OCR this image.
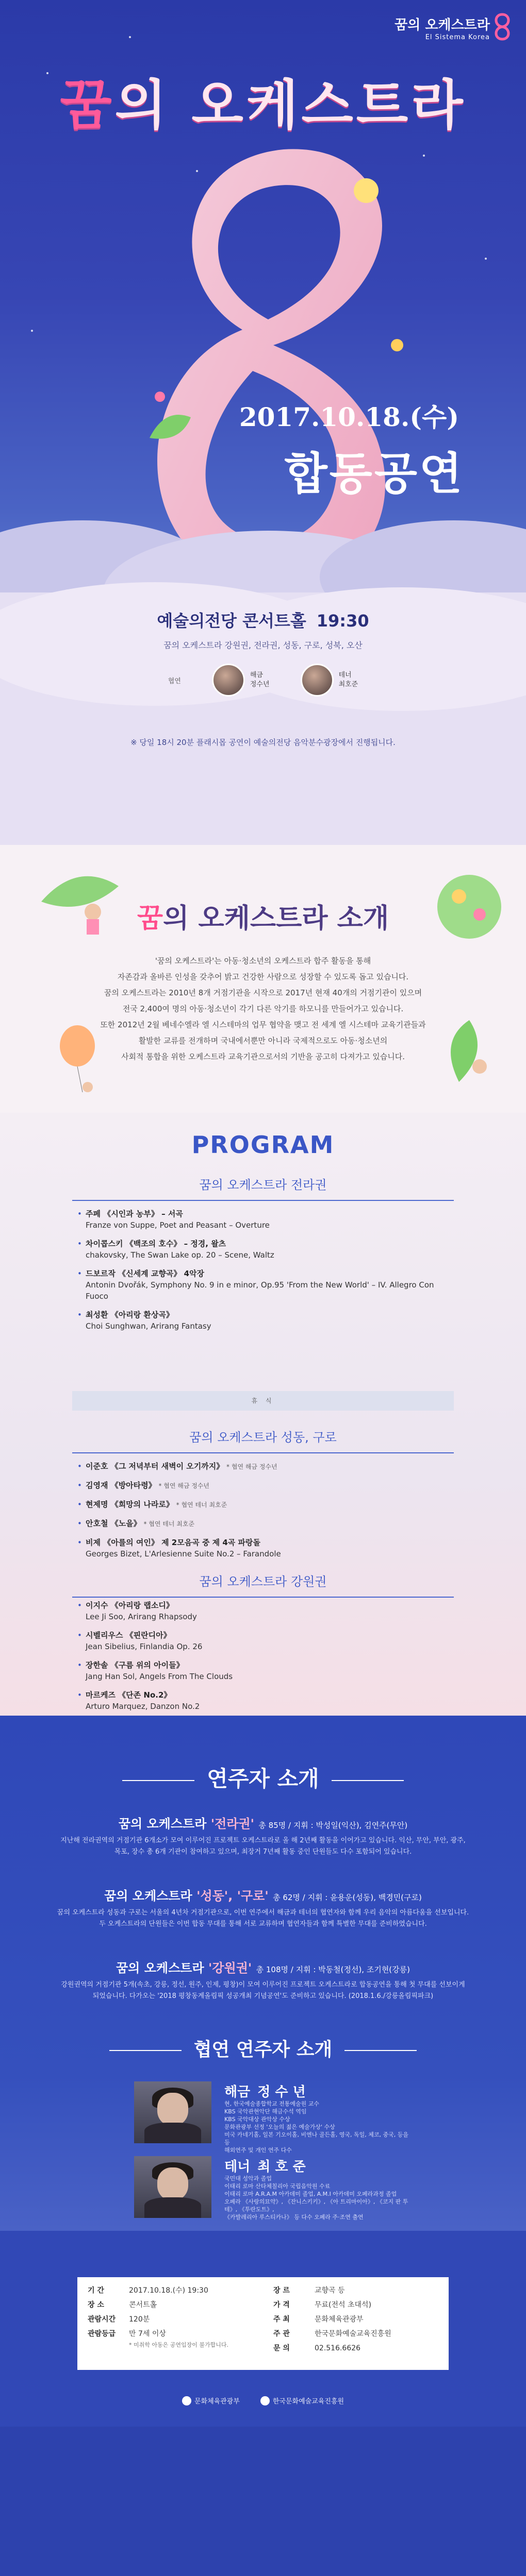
꿈의 오케스트라
El Sistema Korea
꿈의 오케스트라
2017.10.18.(수)
합동공연
예술의전당 콘서트홀 19:30
꿈의 오케스트라 강원권, 전라권, 성동, 구로, 성북, 오산
협연
해금
정수년
테너
최호준
※ 당일 18시 20분 플래시몹 공연이 예술의전당 음악분수광장에서 진행됩니다.
꿈의 오케스트라 소개
'꿈의 오케스트라'는 아동·청소년의 오케스트라 합주 활동을 통해
자존감과 올바른 인성을 갖추어 밝고 건강한 사람으로 성장할 수 있도록 돕고 있습니다.
꿈의 오케스트라는 2010년 8개 거점기관을 시작으로 2017년 현재 40개의 거점기관이 있으며
전국 2,400여 명의 아동·청소년이 각기 다른 악기를 하모니를 만들어가고 있습니다.
또한 2012년 2월 베네수엘라 엘 시스테마의 업무 협약을 맺고 전 세계 엘 시스테마 교육기관들과
활발한 교류를 전개하며 국내에서뿐만 아니라 국제적으로도 아동·청소년의
사회적 통합을 위한 오케스트라 교육기관으로서의 기반을 공고히 다져가고 있습니다.
PROGRAM
꿈의 오케스트라 전라권
• 주페 《시인과 농부》 – 서곡
Franze von Suppe, Poet and Peasant – Overture
• 차이콥스키 《백조의 호수》 – 정경, 왈츠
chakovsky, The Swan Lake op. 20 – Scene, Waltz
• 드보르작 《신세계 교향곡》 4악장
Antonin Dvořák, Symphony No. 9 in e minor, Op.95 'From the New World' – IV. Allegro Con Fuoco
• 최성환 《아리랑 환상곡》
Choi Sunghwan, Arirang Fantasy
휴 식
꿈의 오케스트라 성동, 구로
• 이준호 《그 저녁부터 새벽이 오기까지》 * 협연 해금 정수년
• 김영재 《방아타령》 * 협연 해금 정수년
• 현제명 《희망의 나라로》 * 협연 테너 최호준
• 안호철 《노을》 * 협연 테너 최호준
• 비제 《아를의 여인》 제 2모음곡 중 제 4곡 파랑돌
Georges Bizet, L'Arlesienne Suite No.2 – Farandole
꿈의 오케스트라 강원권
• 이지수 《아리랑 랩소디》
Lee Ji Soo, Arirang Rhapsody
• 시벨리우스 《핀란디아》
Jean Sibelius, Finlandia Op. 26
• 장한솔 《구름 위의 아이들》
Jang Han Sol, Angels From The Clouds
• 마르케즈 《단존 No.2》
Arturo Marquez, Danzon No.2
연주자 소개
꿈의 오케스트라 '전라권' 총 85명 / 지휘 : 박성일(익산), 김연주(무안)
지난해 전라권역의 거점기관 6개소가 모여 이루어진 프로젝트 오케스트라로 올 해 2년째 활동을 이어가고 있습니다. 익산, 무안, 부안, 광주, 목포, 장수 총 6개 기관이 참여하고 있으며, 최장거 7년째 활동 중인 단원들도 다수 포함되어 있습니다.
꿈의 오케스트라 '성동', '구로' 총 62명 / 지휘 : 윤용운(성동), 백경민(구로)
꿈의 오케스트라 성동과 구로는 서울의 4년차 거점기관으로, 이번 연주에서 해금과 테너의 협연자와 함께 우리 음악의 아름다움을 선보입니다. 두 오케스트라의 단원들은 이번 합동 무대를 통해 서로 교류하며 협연자들과 함께 특별한 무대를 준비하였습니다.
꿈의 오케스트라 '강원권' 총 108명 / 지휘 : 박동철(정선), 조기현(강릉)
강원권역의 거점기관 5개(속초, 강릉, 정선, 원주, 인제, 평창)이 모여 이루어진 프로젝트 오케스트라로 합동공연을 통해 첫 무대를 선보이게 되었습니다. 다가오는 '2018 평창동계올림픽 성공개최 기념공연'도 준비하고 있습니다. (2018.1.6./강릉올림픽파크)
협연 연주자 소개
해금 정 수 년
현, 한국예술종합학교 전통예술원 교수
KBS 국악관현악단 해금수석 역임
KBS 국악대상 관악상 수상
문화관광부 선정 '오늘의 젊은 예술가상' 수상
미국 카네기홀, 일본 기오이홀, 비엔나 골든홀, 영국, 독일, 체코, 중국, 등을 등
해외연주 및 개인 연주 다수
테너 최 호 준
국민대 성악과 졸업
이태리 로마 산타체칠리아 국립음악원 수료
이태리 로마 A.R.A.M 아카데미 졸업, A.M.I 아카데미 오페라과정 졸업
오페라 《사랑의묘약》, 《잔니스키키》, 《아 트리마이아》, 《코지 판 투테》, 《투란도트》,
《카발레리아 루스티카나》 등 다수 오페라 주·조연 출연
기 간	2017.10.18.(수) 19:30
장 소	콘서트홀
관람시간	120분
관람등급	만 7세 이상
* 미취학 아동은 공연입장이 불가합니다.
장 르	교향곡 등
가 격	무료(전석 초대석)
주 최	문화체육관광부
주 관	한국문화예술교육진흥원
문 의	02.516.6626
문화체육관광부	한국문화예술교육진흥원
